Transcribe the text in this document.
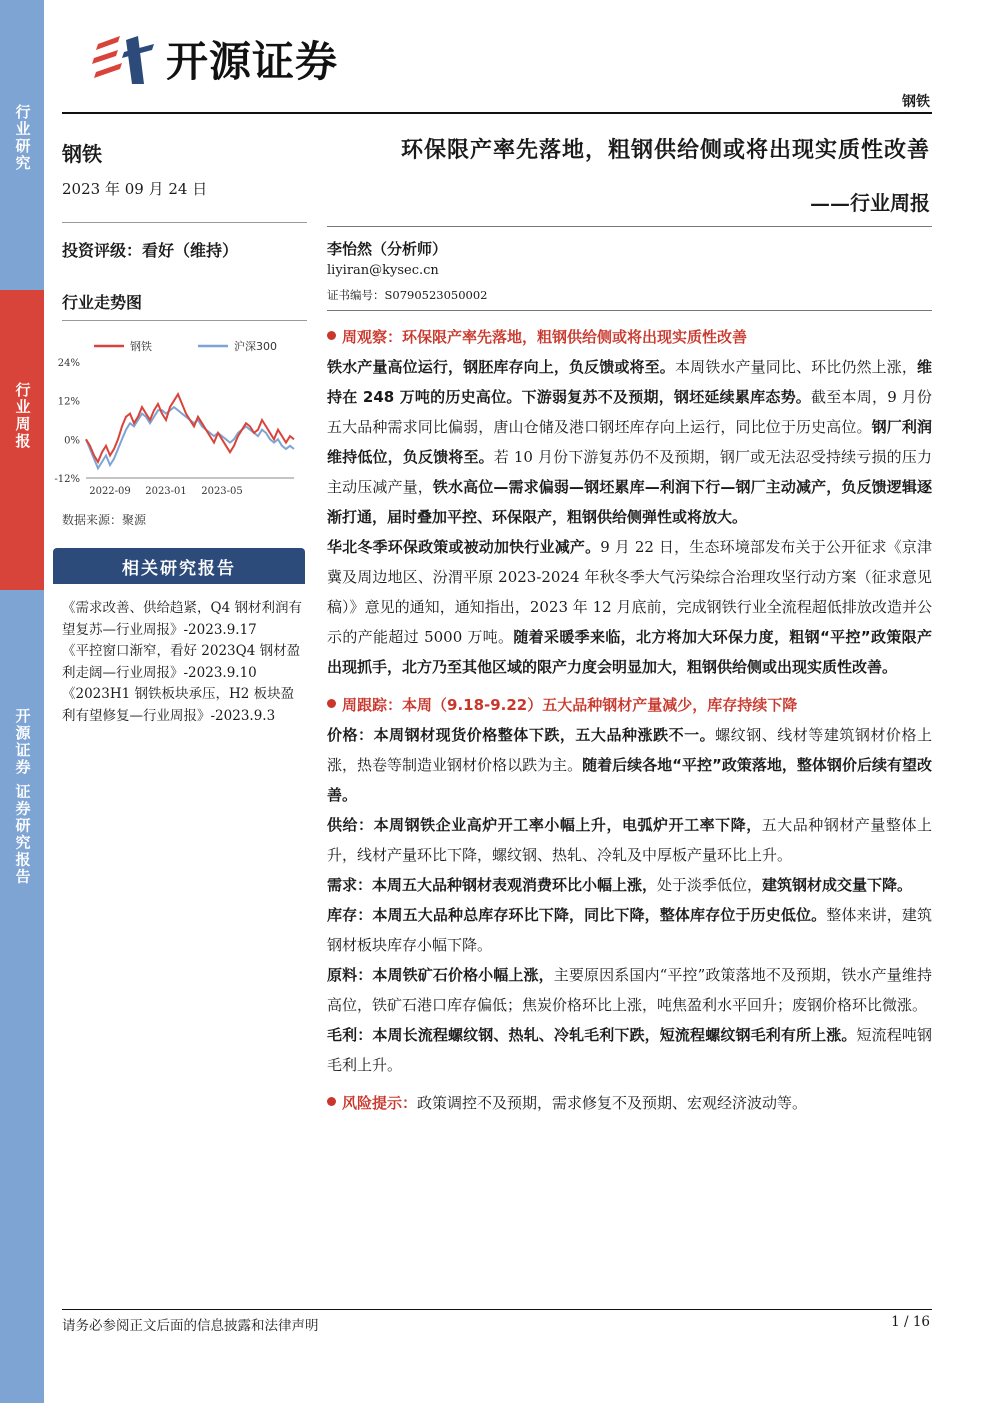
行业研究
行业周报
开源证券 证券研究报告
开源证券
钢铁
钢铁
2023 年 09 月 24 日
投资评级：看好（维持）
行业走势图
钢铁	沪深300
24%
12%
0%
-12%
2022-09 2023-01 2023-05
数据来源：聚源
相关研究报告

《需求改善、供给趋紧，Q4 钢材利润有望复苏—行业周报》-2023.9.17

《平控窗口渐窄，看好 2023Q4 钢材盈利走阔—行业周报》-2023.9.10

《2023H1 钢铁板块承压，H2 板块盈利有望修复—行业周报》-2023.9.3

环保限产率先落地，粗钢供给侧或将出现实质性改善
——行业周报
李怡然（分析师）
liyiran@kysec.cn
证书编号：S0790523050002

周观察：环保限产率先落地，粗钢供给侧或将出现实质性改善

铁水产量高位运行，钢胚库存向上，负反馈或将至。本周铁水产量同比、环比仍然上涨，维持在 248 万吨的历史高位。下游弱复苏不及预期，钢坯延续累库态势。截至本周，9 月份五大品种需求同比偏弱，唐山仓储及港口钢坯库存向上运行，同比位于历史高位。钢厂利润维持低位，负反馈将至。若 10 月份下游复苏仍不及预期，钢厂或无法忍受持续亏损的压力主动压减产量，铁水高位—需求偏弱—钢坯累库—利润下行—钢厂主动减产，负反馈逻辑逐渐打通，届时叠加平控、环保限产，粗钢供给侧弹性或将放大。

华北冬季环保政策或被动加快行业减产。9 月 22 日，生态环境部发布关于公开征求《京津冀及周边地区、汾渭平原 2023-2024 年秋冬季大气污染综合治理攻坚行动方案（征求意见稿）》意见的通知，通知指出，2023 年 12 月底前，完成钢铁行业全流程超低排放改造并公示的产能超过 5000 万吨。随着采暖季来临，北方将加大环保力度，粗钢“平控”政策限产出现抓手，北方乃至其他区域的限产力度会明显加大，粗钢供给侧或出现实质性改善。

周跟踪：本周（9.18-9.22）五大品种钢材产量减少，库存持续下降

价格：本周钢材现货价格整体下跌，五大品种涨跌不一。螺纹钢、线材等建筑钢材价格上涨，热卷等制造业钢材价格以跌为主。随着后续各地“平控”政策落地，整体钢价后续有望改善。

供给：本周钢铁企业高炉开工率小幅上升，电弧炉开工率下降，五大品种钢材产量整体上升，线材产量环比下降，螺纹钢、热轧、冷轧及中厚板产量环比上升。

需求：本周五大品种钢材表观消费环比小幅上涨，处于淡季低位，建筑钢材成交量下降。

库存：本周五大品种总库存环比下降，同比下降，整体库存位于历史低位。整体来讲，建筑钢材板块库存小幅下降。

原料：本周铁矿石价格小幅上涨，主要原因系国内“平控”政策落地不及预期，铁水产量维持高位，铁矿石港口库存偏低；焦炭价格环比上涨，吨焦盈利水平回升；废钢价格环比微涨。

毛利：本周长流程螺纹钢、热轧、冷轧毛利下跌，短流程螺纹钢毛利有所上涨。短流程吨钢毛利上升。

风险提示：政策调控不及预期，需求修复不及预期、宏观经济波动等。

请务必参阅正文后面的信息披露和法律声明	1 / 16
